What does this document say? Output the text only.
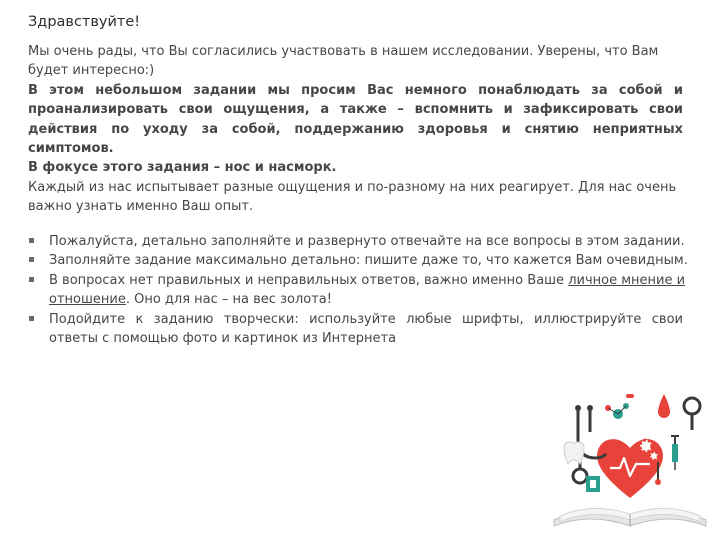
Здравствуйте!

Мы очень рады, что Вы согласились участвовать в нашем исследовании. Уверены, что Вам будет интересно:)

В этом небольшом задании мы просим Вас немного понаблюдать за собой и проанализировать свои ощущения, а также – вспомнить и зафиксировать свои действия по уходу за собой, поддержанию здоровья и снятию неприятных симптомов.

В фокусе этого задания – нос и насморк.

Каждый из нас испытывает разные ощущения и по-разному на них реагирует. Для нас очень важно узнать именно Ваш опыт.

Пожалуйста, детально заполняйте и развернуто отвечайте на все вопросы в этом задании.
Заполняйте задание максимально детально: пишите даже то, что кажется Вам очевидным.
В вопросах нет правильных и неправильных ответов, важно именно Ваше личное мнение и отношение. Оно для нас – на вес золота!
Подойдите к заданию творчески: используйте любые шрифты, иллюстрируйте свои ответы с помощью фото и картинок из Интернета
